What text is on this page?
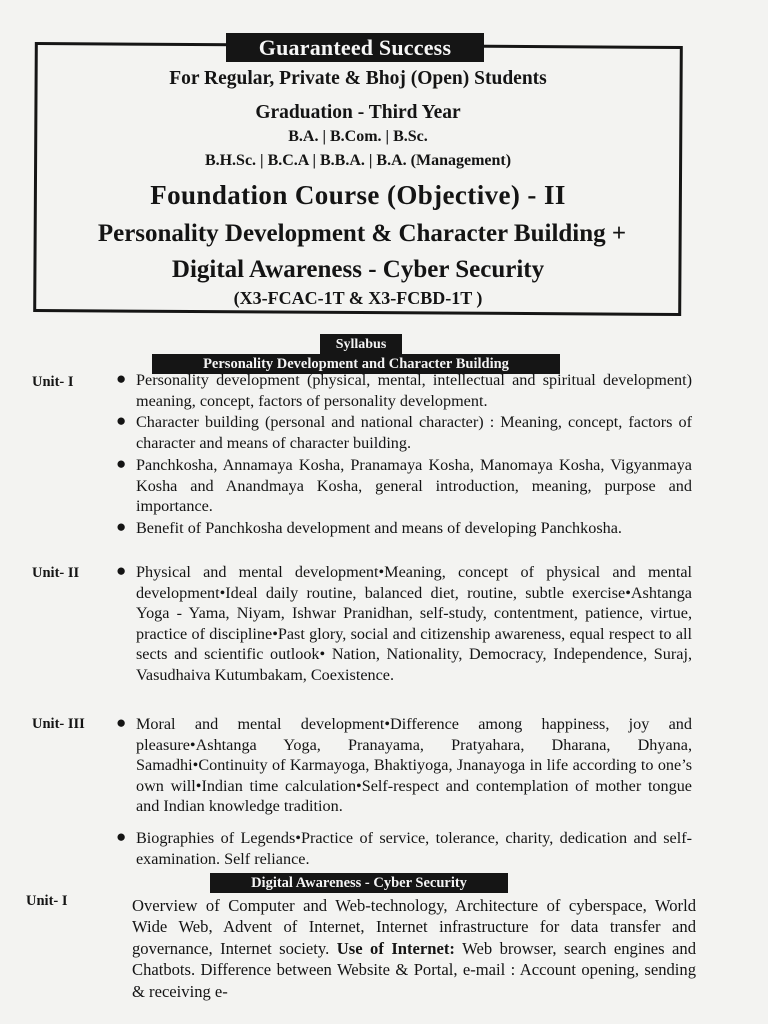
Guaranteed Success
For Regular, Private & Bhoj (Open) Students
Graduation - Third Year
B.A. | B.Com. | B.Sc.
B.H.Sc. | B.C.A | B.B.A. | B.A. (Management)
Foundation Course (Objective) - II
Personality Development & Character Building +
Digital Awareness - Cyber Security
(X3-FCAC-1T & X3-FCBD-1T )
Syllabus
Personality Development and Character Building
Unit- I	● Personality development (physical, mental, intellectual and spiritual development) meaning, concept, factors of personality development.
● Character building (personal and national character) : Meaning, concept, factors of character and means of character building.
● Panchkosha, Annamaya Kosha, Pranamaya Kosha, Manomaya Kosha, Vigyanmaya Kosha and Anandmaya Kosha, general introduction, meaning, purpose and importance.
● Benefit of Panchkosha development and means of developing Panchkosha.
Unit- II ● Physical and mental development•Meaning, concept of physical and mental development•Ideal daily routine, balanced diet, routine, subtle exercise•Ashtanga Yoga - Yama, Niyam, Ishwar Pranidhan, self-study, contentment, patience, virtue, practice of discipline•Past glory, social and citizenship awareness, equal respect to all sects and scientific outlook• Nation, Nationality, Democracy, Independence, Suraj, Vasudhaiva Kutumbakam, Coexistence.
Unit- III ● Moral and mental development•Difference among happiness, joy and pleasure•Ashtanga Yoga, Pranayama, Pratyahara, Dharana, Dhyana, Samadhi•Continuity of Karmayoga, Bhaktiyoga, Jnanayoga in life according to one’s own will•Indian time calculation•Self-respect and contemplation of mother tongue and Indian knowledge tradition.
● Biographies of Legends•Practice of service, tolerance, charity, dedication and self-examination. Self reliance.
Digital Awareness - Cyber Security
Unit- I	Overview of Computer and Web-technology, Architecture of cyberspace, World Wide Web, Advent of Internet, Internet infrastructure for data transfer and governance, Internet society. Use of Internet: Web browser, search engines and Chatbots. Difference between Website & Portal, e-mail : Account opening, sending & receiving e-
